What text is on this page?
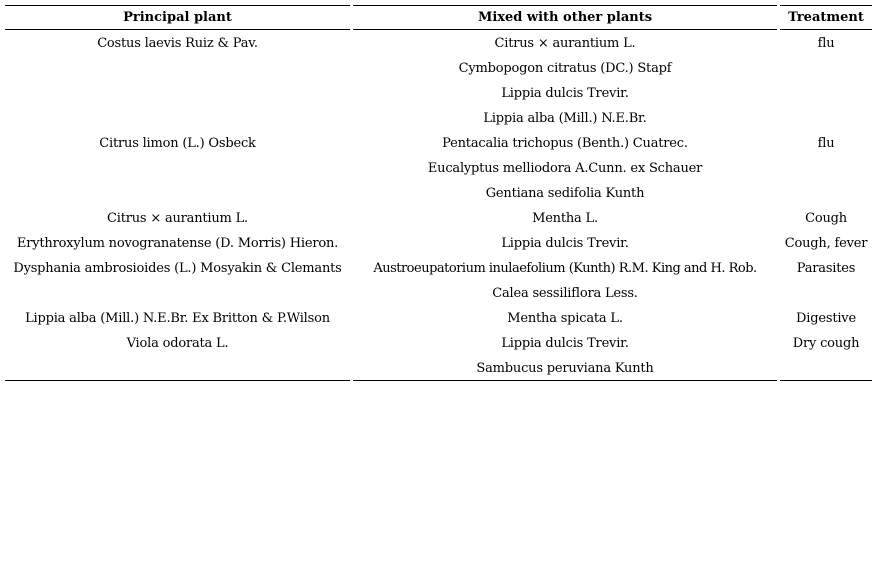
Principal plant
Costus laevis Ruiz & Pav.
Citrus limon (L.) Osbeck
Citrus × aurantium L.
Erythroxylum novogranatense (D. Morris) Hieron.
Dysphania ambrosioides (L.) Mosyakin & Clemants
Lippia alba (Mill.) N.E.Br. Ex Britton & P.Wilson
Viola odorata L.
Mixed with other plants
Citrus × aurantium L.
Cymbopogon citratus (DC.) Stapf
Lippia dulcis Trevir.
Lippia alba (Mill.) N.E.Br.
Pentacalia trichopus (Benth.) Cuatrec.
Eucalyptus melliodora A.Cunn. ex Schauer
Gentiana sedifolia Kunth
Mentha L.
Lippia dulcis Trevir.
Austroeupatorium inulaefolium (Kunth) R.M. King and H. Rob.
Calea sessiliflora Less.
Mentha spicata L.
Lippia dulcis Trevir.
Sambucus peruviana Kunth
Treatment
flu
flu
Cough
Cough, fever
Parasites
Digestive
Dry cough
